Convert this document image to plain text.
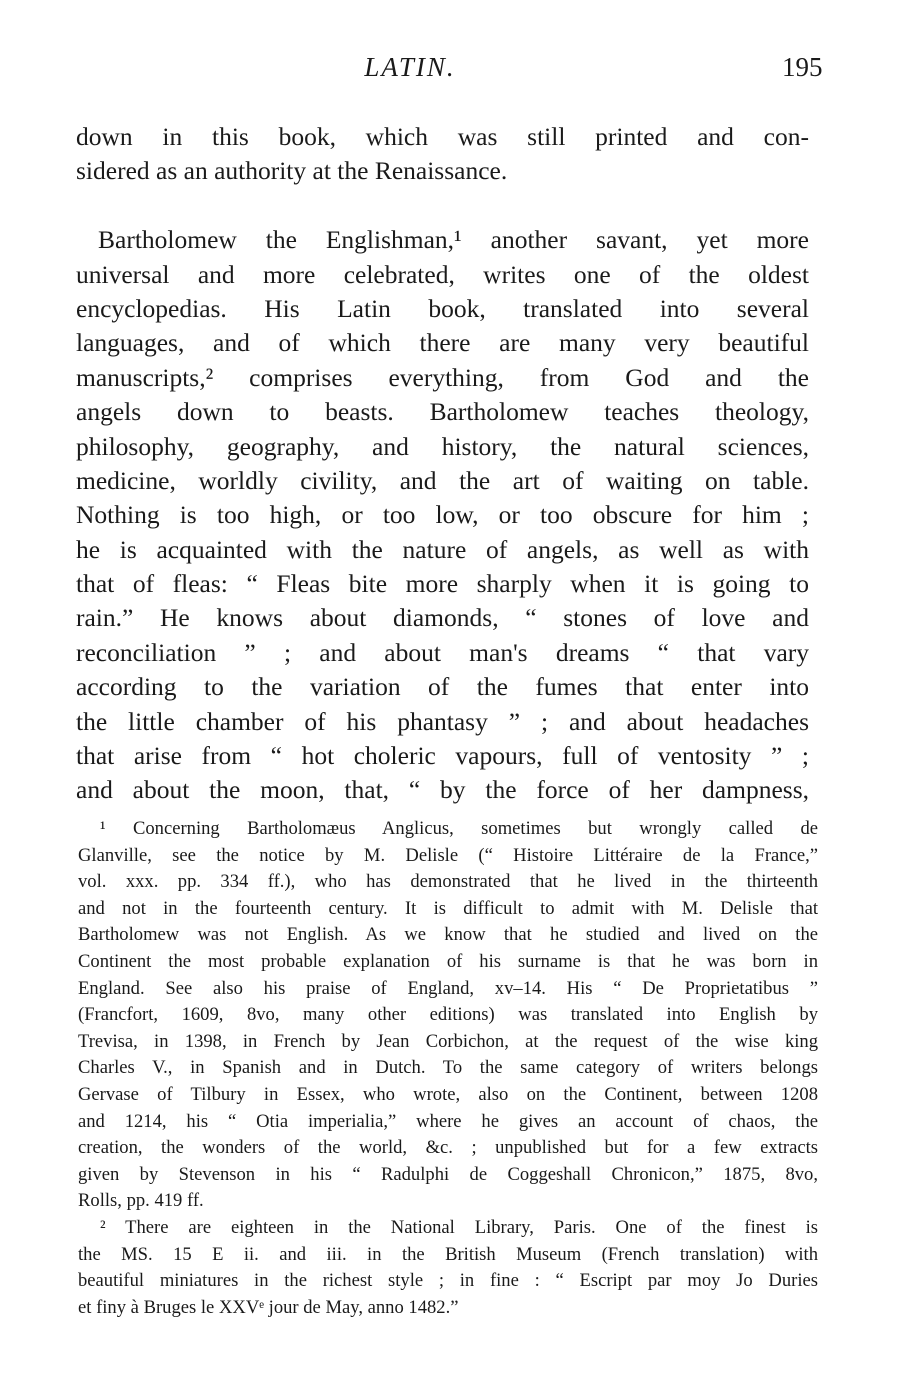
LATIN.	195
down in this book, which was still printed and con-
sidered as an authority at the Renaissance.
Bartholomew the Englishman,¹ another savant, yet more
universal and more celebrated, writes one of the oldest
encyclopedias. His Latin book, translated into several
languages, and of which there are many very beautiful
manuscripts,² comprises everything, from God and the
angels down to beasts. Bartholomew teaches theology,
philosophy, geography, and history, the natural sciences,
medicine, worldly civility, and the art of waiting on table.
Nothing is too high, or too low, or too obscure for him ;
he is acquainted with the nature of angels, as well as with
that of fleas: “ Fleas bite more sharply when it is going to
rain.” He knows about diamonds, “ stones of love and
reconciliation ” ; and about man's dreams “ that vary
according to the variation of the fumes that enter into
the little chamber of his phantasy ” ; and about headaches
that arise from “ hot choleric vapours, full of ventosity ” ;
and about the moon, that, “ by the force of her dampness,
¹ Concerning Bartholomæus Anglicus, sometimes but wrongly called de
Glanville, see the notice by M. Delisle (“ Histoire Littéraire de la France,”
vol. xxx. pp. 334 ff.), who has demonstrated that he lived in the thirteenth
and not in the fourteenth century. It is difficult to admit with M. Delisle that
Bartholomew was not English. As we know that he studied and lived on the
Continent the most probable explanation of his surname is that he was born in
England. See also his praise of England, xv–14. His “ De Proprietatibus ”
(Francfort, 1609, 8vo, many other editions) was translated into English by
Trevisa, in 1398, in French by Jean Corbichon, at the request of the wise king
Charles V., in Spanish and in Dutch. To the same category of writers belongs
Gervase of Tilbury in Essex, who wrote, also on the Continent, between 1208
and 1214, his “ Otia imperialia,” where he gives an account of chaos, the
creation, the wonders of the world, &c. ; unpublished but for a few extracts
given by Stevenson in his “ Radulphi de Coggeshall Chronicon,” 1875, 8vo,
Rolls, pp. 419 ff.
² There are eighteen in the National Library, Paris. One of the finest is
the MS. 15 E ii. and iii. in the British Museum (French translation) with
beautiful miniatures in the richest style ; in fine : “ Escript par moy Jo Duries
et finy à Bruges le XXVᵉ jour de May, anno 1482.”
